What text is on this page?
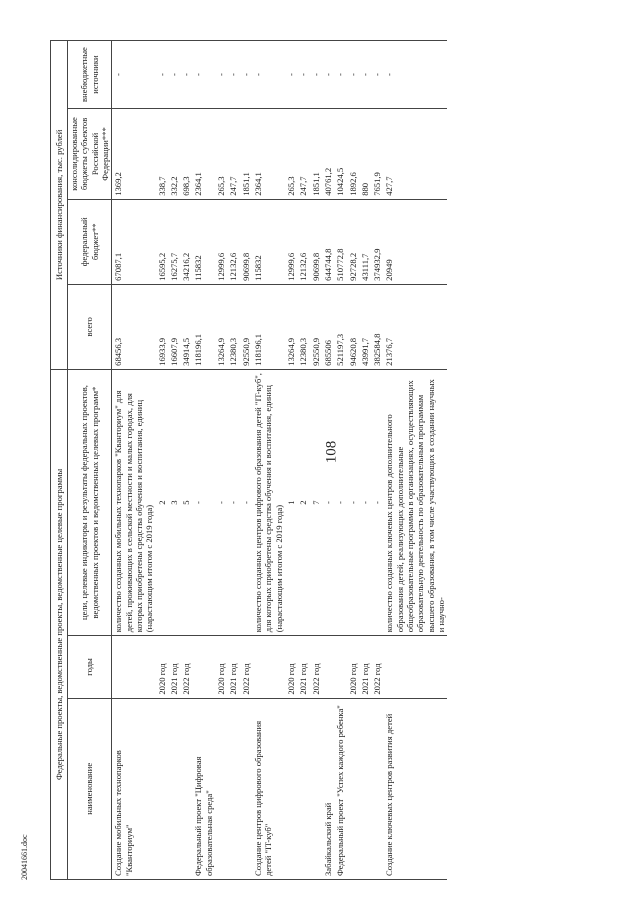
108
20041661.doc
Федеральные проекты, ведомственные проекты, ведомственные целевые программы			Источники финансирования, тыс. рублей			
наименование	годы	цели, целевые индикаторы и результаты федеральных проектов, ведомственных проектов и ведомственных целевых программ*	всего	федеральный бюджет**	консолидированные бюджеты субъектов Российской Федерации***	внебюджетные источники
Создание мобильных технопарков "Кванториум"		количество созданных мобильных технопарков "Кванториум" для детей, проживающих в сельской местности и малых городах, для которых приобретены средства обучения и воспитания, единиц (нарастающим итогом с 2019 года)	68456,3	67087,1	1369,2	-
	2020 год	2	16933,9	16595,2	338,7	-
	2021 год	3	16607,9	16275,7	332,2	-
	2022 год	5	34914,5	34216,2	698,3	-
Федеральный проект "Цифровая образовательная среда"		-	118196,1	115832	2364,1	-
	2020 год	-	13264,9	12999,6	265,3	-
	2021 год	-	12380,3	12132,6	247,7	-
	2022 год	-	92550,9	90699,8	1851,1	-
Создание центров цифрового образования детей "IT-куб"		количество созданных центров цифрового образования детей "IT-куб", для которых приобретены средства обучения и воспитания, единиц (нарастающим итогом с 2019 года)	118196,1	115832	2364,1	-
	2020 год	1	13264,9	12999,6	265,3	-
	2021 год	2	12380,3	12132,6	247,7	-
	2022 год	7	92550,9	90699,8	1851,1	-
Забайкальский край		-	685506	644744,8	40761,2	-
Федеральный проект "Успех каждого ребенка"		-	521197,3	510772,8	10424,5	-
	2020 год	-	94620,8	92728,2	1892,6	-
	2021 год	-	43991,7	43111,7	880	-
	2022 год	-	382584,8	374932,9	7651,9	-
Создание ключевых центров развития детей		количество созданных ключевых центров дополнительного образования детей, реализующих дополнительные общеобразовательные программы в организациях, осуществляющих образовательную деятельность по образовательным программам высшего образования, в том числе участвующих в создании научных и научно-	21376,7	20949	427,7	-
